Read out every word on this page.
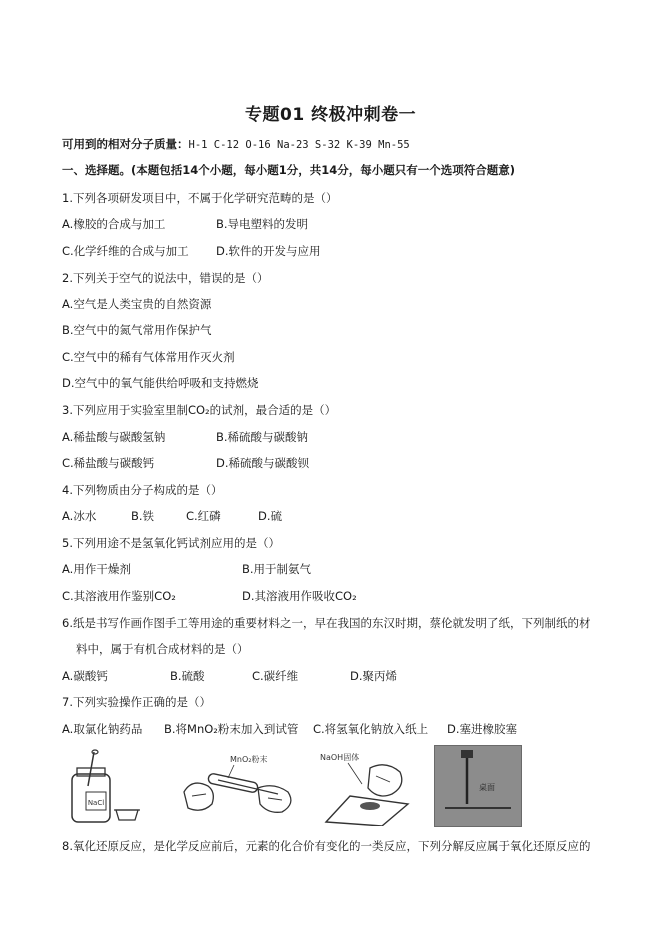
专题01 终极冲刺卷一
可用到的相对分子质量：H-1 C-12 O-16 Na-23 S-32 K-39 Mn-55
一、选择题。(本题包括14个小题，每小题1分，共14分，每小题只有一个选项符合题意)
1.下列各项研发项目中，不属于化学研究范畴的是（）
A.橡胶的合成与加工	B.导电塑料的发明
C.化学纤维的合成与加工 D.软件的开发与应用
2.下列关于空气的说法中，错误的是（）
A.空气是人类宝贵的自然资源
B.空气中的氮气常用作保护气
C.空气中的稀有气体常用作灭火剂
D.空气中的氧气能供给呼吸和支持燃烧
3.下列应用于实验室里制CO₂的试剂，最合适的是（）
A.稀盐酸与碳酸氢钠	B.稀硫酸与碳酸钠
C.稀盐酸与碳酸钙	D.稀硫酸与碳酸钡
4.下列物质由分子构成的是（）
A.冰水	B.铁	C.红磷	D.硫
5.下列用途不是氢氧化钙试剂应用的是（）
A.用作干燥剂	B.用于制氨气
C.其溶液用作鉴别CO₂	D.其溶液用作吸收CO₂
6.纸是书写作画作图手工等用途的重要材料之一，早在我国的东汉时期，蔡伦就发明了纸，下列制纸的材
料中，属于有机合成材料的是（）
A.碳酸钙	B.硫酸	C.碳纤维	D.聚丙烯
7.下列实验操作正确的是（）
A.取氯化钠药品 B.将MnO₂粉末加入到试管 C.将氢氧化钠放入纸上 D.塞进橡胶塞
NaCl
MnO₂粉末	NaOH固体
桌面
8.氧化还原反应，是化学反应前后，元素的化合价有变化的一类反应，下列分解反应属于氧化还原反应的
